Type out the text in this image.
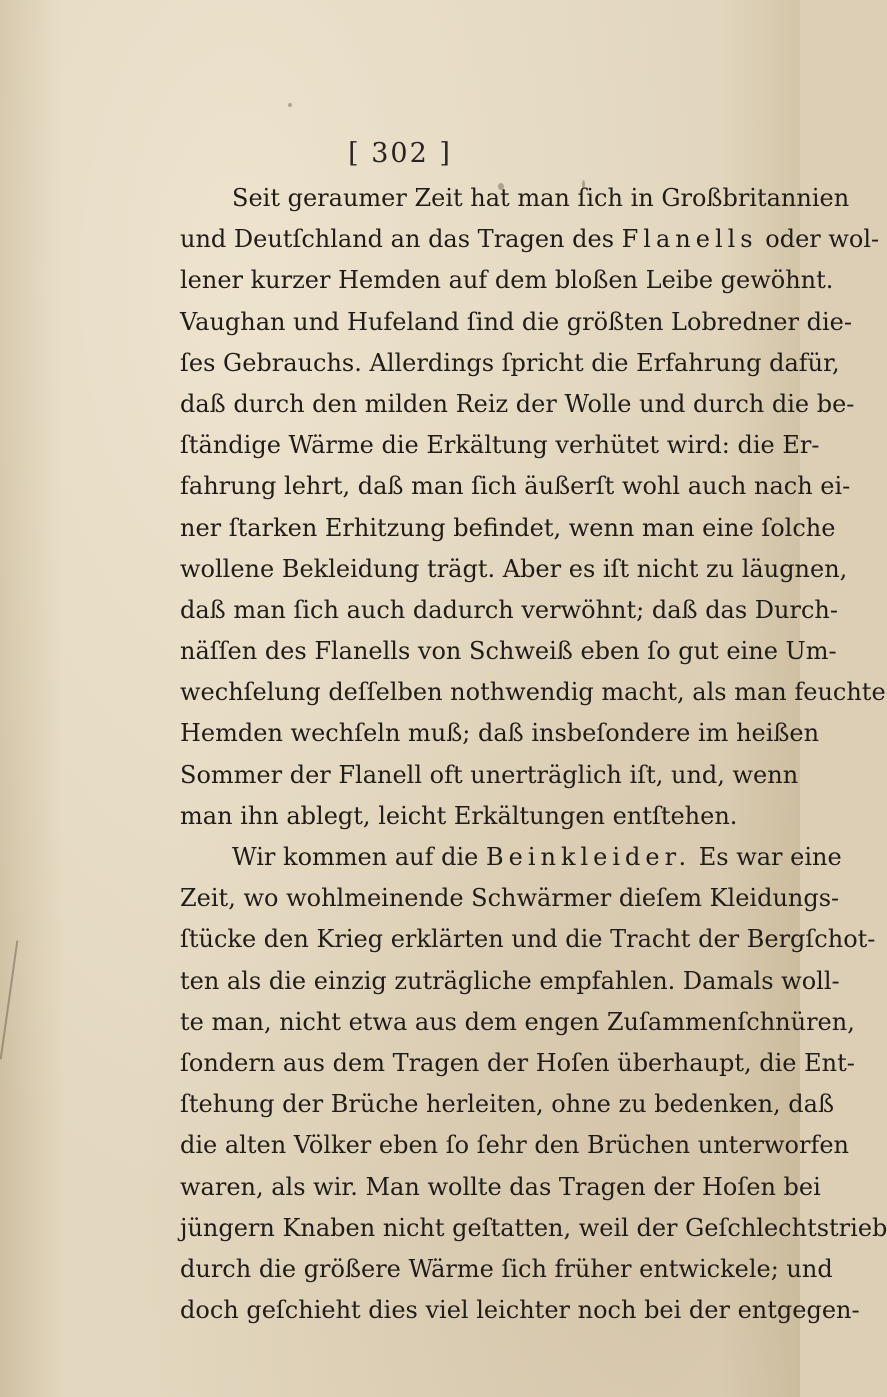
[ 302 ]
Seit geraumer Zeit hat man ſich in Großbritannien
und Deutſchland an das Tragen des Flanells oder wol-
lener kurzer Hemden auf dem bloßen Leibe gewöhnt.
Vaughan und Hufeland ſind die größten Lobredner die-
ſes Gebrauchs. Allerdings ſpricht die Erfahrung dafür,
daß durch den milden Reiz der Wolle und durch die be-
ſtändige Wärme die Erkältung verhütet wird: die Er-
fahrung lehrt, daß man ſich äußerſt wohl auch nach ei-
ner ſtarken Erhitzung befindet, wenn man eine ſolche
wollene Bekleidung trägt. Aber es iſt nicht zu läugnen,
daß man ſich auch dadurch verwöhnt; daß das Durch-
näſſen des Flanells von Schweiß eben ſo gut eine Um-
wechſelung deſſelben nothwendig macht, als man feuchte
Hemden wechſeln muß; daß insbeſondere im heißen
Sommer der Flanell oft unerträglich iſt, und, wenn
man ihn ablegt, leicht Erkältungen entſtehen.
Wir kommen auf die Beinkleider. Es war eine
Zeit, wo wohlmeinende Schwärmer dieſem Kleidungs-
ſtücke den Krieg erklärten und die Tracht der Bergſchot-
ten als die einzig zuträgliche empfahlen. Damals woll-
te man, nicht etwa aus dem engen Zuſammenſchnüren,
ſondern aus dem Tragen der Hoſen überhaupt, die Ent-
ſtehung der Brüche herleiten, ohne zu bedenken, daß
die alten Völker eben ſo ſehr den Brüchen unterworfen
waren, als wir. Man wollte das Tragen der Hoſen bei
jüngern Knaben nicht geſtatten, weil der Geſchlechtstrieb
durch die größere Wärme ſich früher entwickele; und
doch geſchieht dies viel leichter noch bei der entgegen-
